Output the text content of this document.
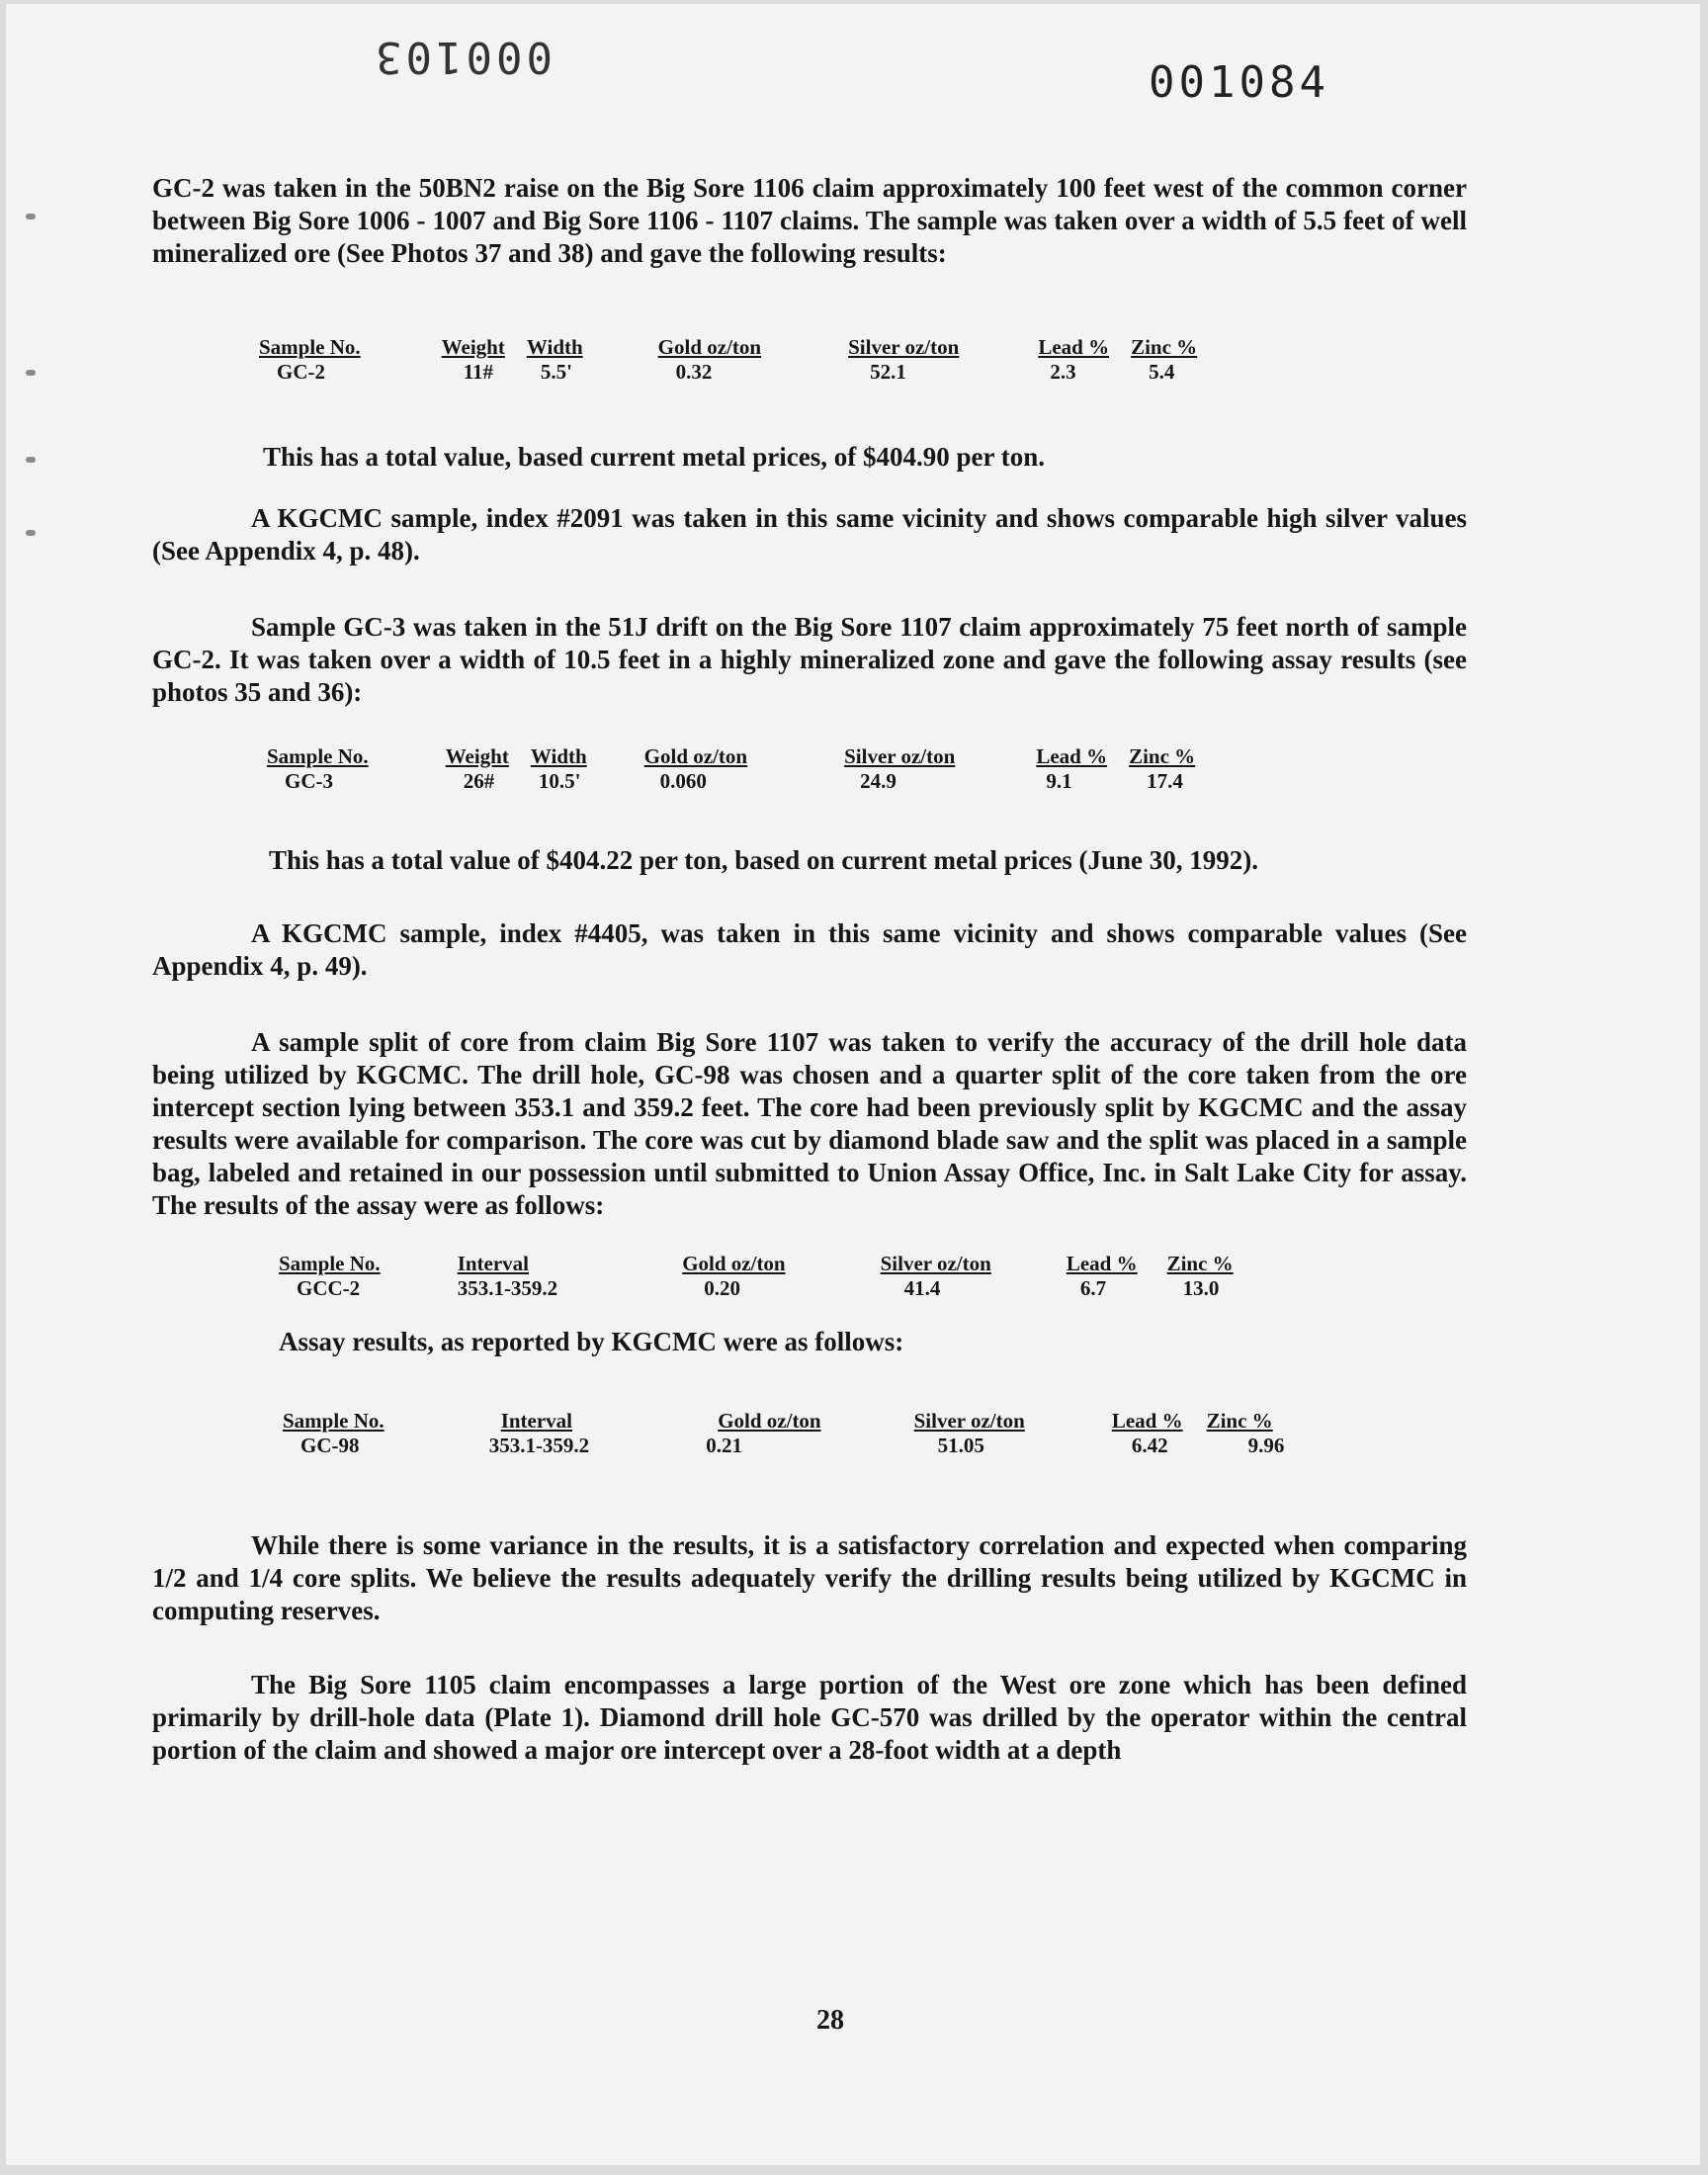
000103
001084

GC-2 was taken in the 50BN2 raise on the Big Sore 1106 claim approximately 100 feet west of the common corner between Big Sore 1006 - 1007 and Big Sore 1106 - 1107 claims. The sample was taken over a width of 5.5 feet of well mineralized ore (See Photos 37 and 38) and gave the following results:

Sample No.	Weight	Width	Gold oz/ton	Silver oz/ton	Lead %	Zinc %
GC-2	11#	5.5'	0.32	52.1	2.3	5.4
This has a total value, based current metal prices, of $404.90 per ton.

A KGCMC sample, index #2091 was taken in this same vicinity and shows comparable high silver values (See Appendix 4, p. 48).

Sample GC-3 was taken in the 51J drift on the Big Sore 1107 claim approximately 75 feet north of sample GC-2. It was taken over a width of 10.5 feet in a highly mineralized zone and gave the following assay results (see photos 35 and 36):

Sample No.	Weight	Width	Gold oz/ton	Silver oz/ton	Lead %	Zinc %
GC-3	26#	10.5'	0.060	24.9	9.1	17.4
This has a total value of $404.22 per ton, based on current metal prices (June 30, 1992).

A KGCMC sample, index #4405, was taken in this same vicinity and shows comparable values (See Appendix 4, p. 49).

A sample split of core from claim Big Sore 1107 was taken to verify the accuracy of the drill hole data being utilized by KGCMC. The drill hole, GC-98 was chosen and a quarter split of the core taken from the ore intercept section lying between 353.1 and 359.2 feet. The core had been previously split by KGCMC and the assay results were available for comparison. The core was cut by diamond blade saw and the split was placed in a sample bag, labeled and retained in our possession until submitted to Union Assay Office, Inc. in Salt Lake City for assay. The results of the assay were as follows:

Sample No.	Interval	Gold oz/ton	Silver oz/ton	Lead %	Zinc %
GCC-2	353.1-359.2	0.20	41.4	6.7	13.0
Assay results, as reported by KGCMC were as follows:
Sample No.	Interval	Gold oz/ton	Silver oz/ton	Lead %	Zinc %
GC-98	353.1-359.2	0.21	51.05	6.42	9.96

While there is some variance in the results, it is a satisfactory correlation and expected when comparing 1/2 and 1/4 core splits. We believe the results adequately verify the drilling results being utilized by KGCMC in computing reserves.

The Big Sore 1105 claim encompasses a large portion of the West ore zone which has been defined primarily by drill-hole data (Plate 1). Diamond drill hole GC-570 was drilled by the operator within the central portion of the claim and showed a major ore intercept over a 28-foot width at a depth

28
